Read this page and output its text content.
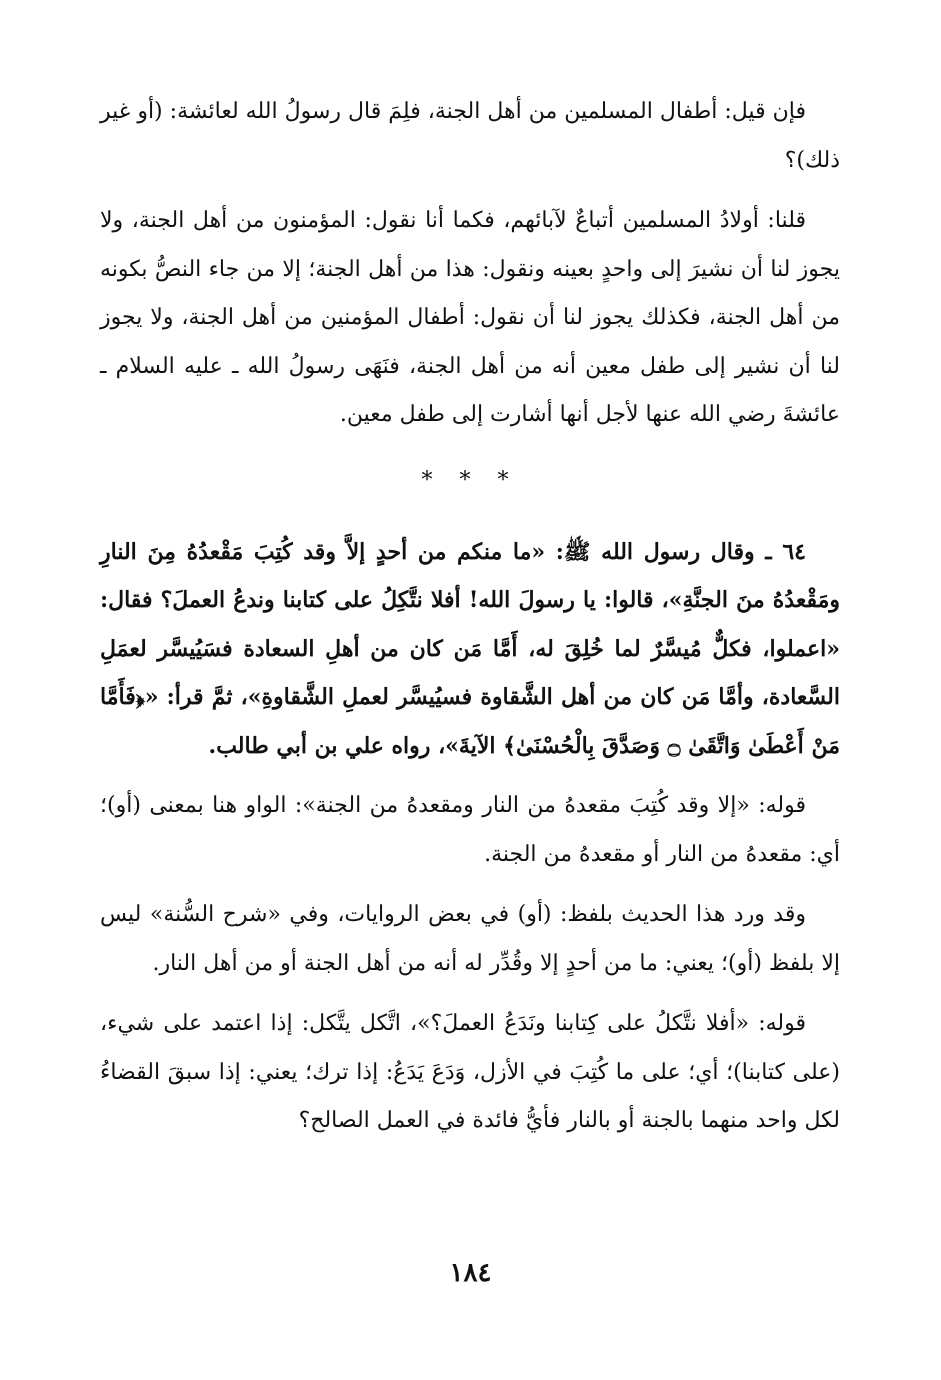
فإن قيل: أطفال المسلمين من أهل الجنة، فلِمَ قال رسولُ الله لعائشة: (أو غير ذلك)؟

قلنا: أولادُ المسلمين أتباعٌ لآبائهم، فكما أنا نقول: المؤمنون من أهل الجنة، ولا يجوز لنا أن نشيرَ إلى واحدٍ بعينه ونقول: هذا من أهل الجنة؛ إلا من جاء النصُّ بكونه من أهل الجنة، فكذلك يجوز لنا أن نقول: أطفال المؤمنين من أهل الجنة، ولا يجوز لنا أن نشير إلى طفل معين أنه من أهل الجنة، فنَهَى رسولُ الله ـ عليه السلام ـ عائشةَ رضي الله عنها لأجل أنها أشارت إلى طفل معين.

* * *

٦٤ ـ وقال رسول الله ﷺ: «ما منكم من أحدٍ إلاَّ وقد كُتِبَ مَقْعدُهُ مِنَ النارِ ومَقْعدُهُ منَ الجنَّةِ»، قالوا: يا رسولَ الله! أفلا نتَّكِلُ على كتابنا وندعُ العملَ؟ فقال: «اعملوا، فكلٌّ مُيسَّرٌ لما خُلِقَ له، أَمَّا مَن كان من أهلِ السعادة فسَيُيسَّر لعمَلِ السَّعادة، وأمَّا مَن كان من أهل الشَّقاوة فسيُيسَّر لعملِ الشَّقاوةِ»، ثمَّ قرأ: «﴿فَأَمَّا مَنْ أَعْطَىٰ وَاتَّقَىٰ ۝ وَصَدَّقَ بِالْحُسْنَىٰ﴾ الآيةَ»، رواه علي بن أبي طالب.

قوله: «إلا وقد كُتِبَ مقعدهُ من النار ومقعدهُ من الجنة»: الواو هنا بمعنى (أو)؛ أي: مقعدهُ من النار أو مقعدهُ من الجنة.

وقد ورد هذا الحديث بلفظ: (أو) في بعض الروايات، وفي «شرح السُّنة» ليس إلا بلفظ (أو)؛ يعني: ما من أحدٍ إلا وقُدِّر له أنه من أهل الجنة أو من أهل النار.

قوله: «أفلا نتَّكلُ على كِتابنا ونَدَعُ العملَ؟»، اتَّكل يتَّكل: إذا اعتمد على شيء، (على كتابنا)؛ أي؛ على ما كُتِبَ في الأزل، وَدَعَ يَدَعُ: إذا ترك؛ يعني: إذا سبقَ القضاءُ لكل واحد منهما بالجنة أو بالنار فأيُّ فائدة في العمل الصالح؟

١٨٤
